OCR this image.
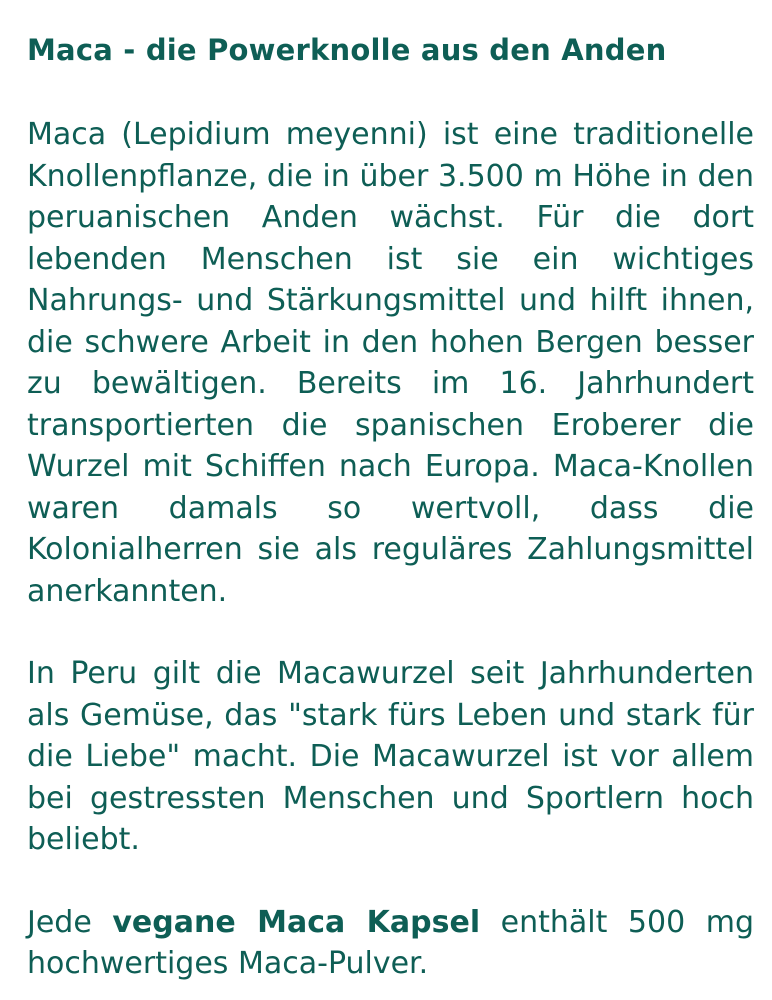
Maca - die Powerknolle aus den Anden

Maca (Lepidium meyenni) ist eine traditionelle Knollenpflanze, die in über 3.500 m Höhe in den peruanischen Anden wächst. Für die dort lebenden Menschen ist sie ein wichtiges Nahrungs- und Stärkungsmittel und hilft ihnen, die schwere Arbeit in den hohen Bergen besser zu bewältigen. Bereits im 16. Jahrhundert transportierten die spanischen Eroberer die Wurzel mit Schiffen nach Europa. Maca-Knollen waren damals so wertvoll, dass die Kolonialherren sie als reguläres Zahlungsmittel anerkannten.

In Peru gilt die Macawurzel seit Jahrhunderten als Gemüse, das "stark fürs Leben und stark für die Liebe" macht. Die Macawurzel ist vor allem bei gestressten Menschen und Sportlern hoch beliebt.

Jede vegane Maca Kapsel enthält 500 mg hochwertiges Maca-Pulver.
